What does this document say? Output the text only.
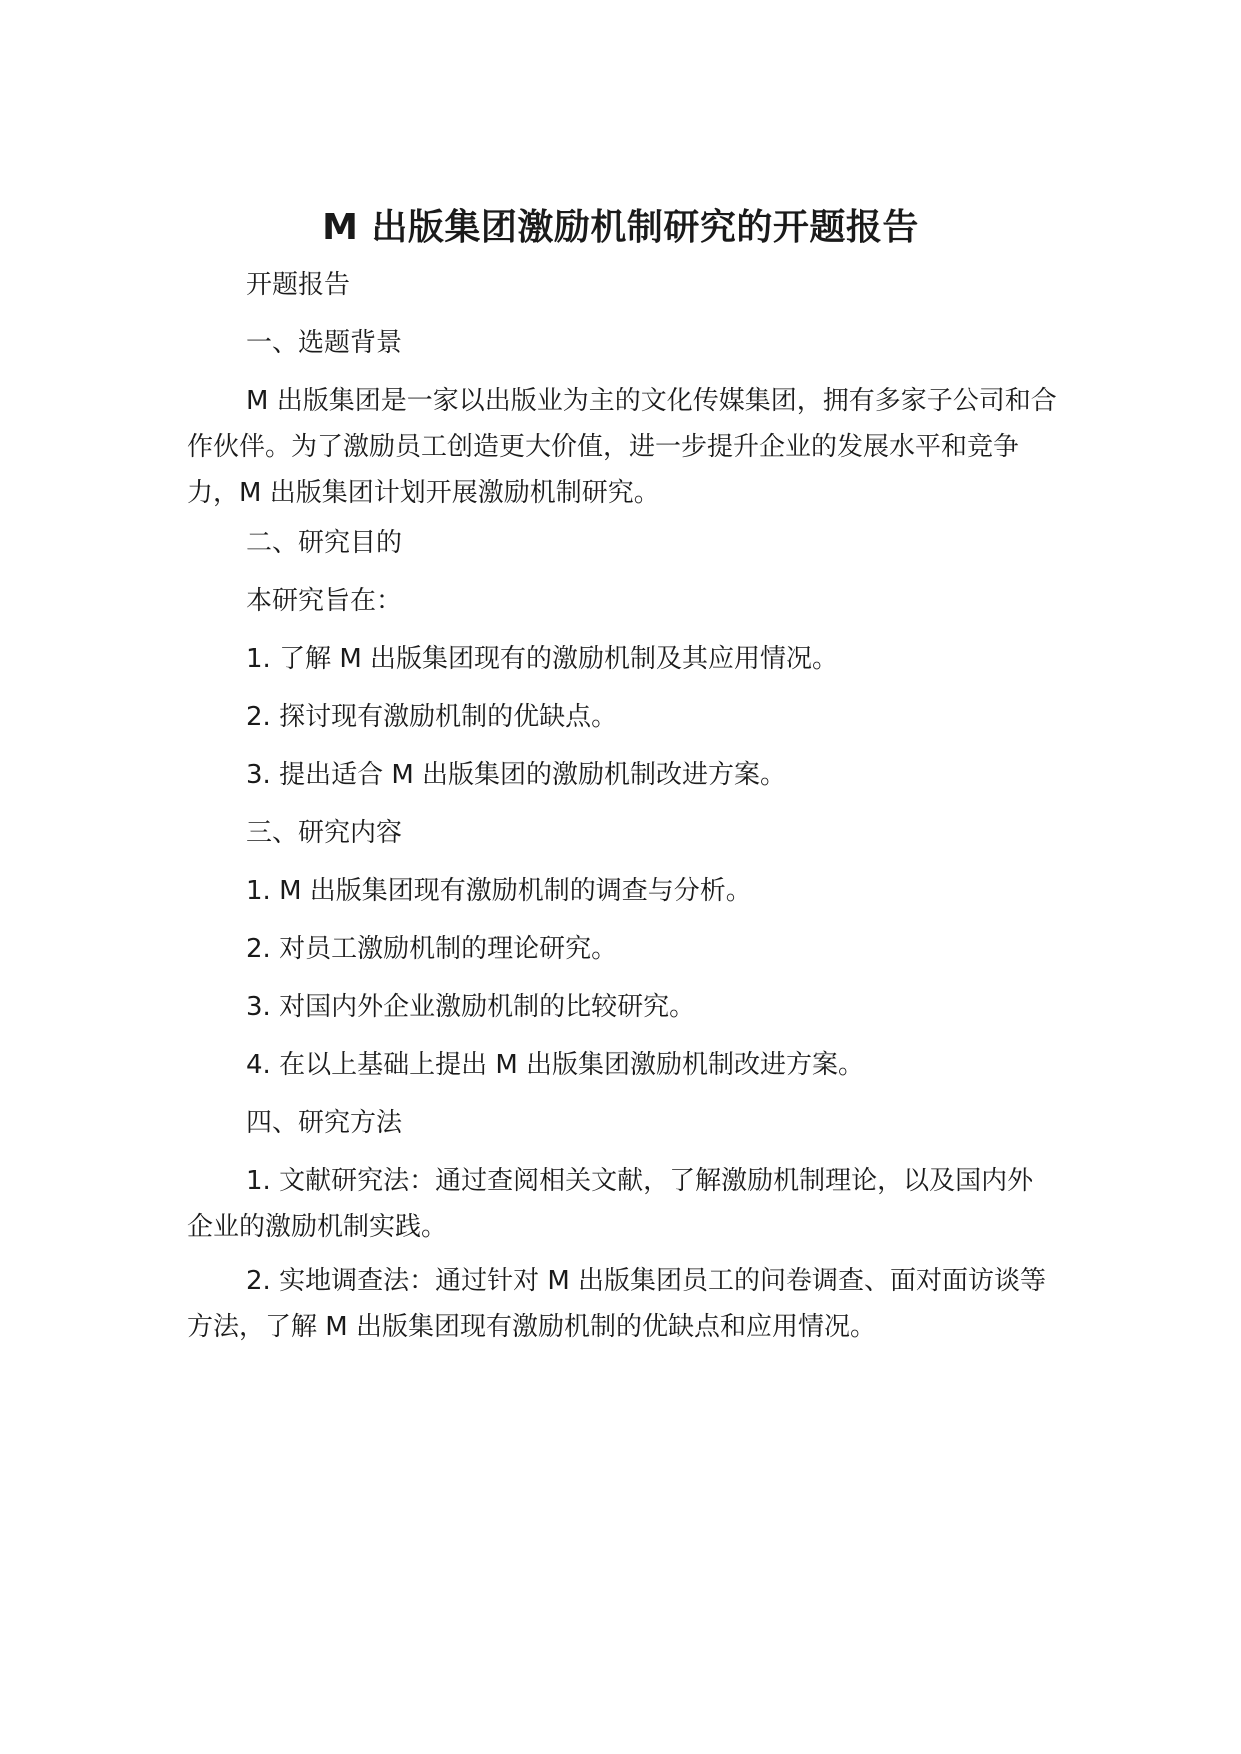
M 出版集团激励机制研究的开题报告

开题报告

一、选题背景

M 出版集团是一家以出版业为主的文化传媒集团，拥有多家子公司和合作伙伴。为了激励员工创造更大价值，进一步提升企业的发展水平和竞争力，M 出版集团计划开展激励机制研究。

二、研究目的

本研究旨在：

1. 了解 M 出版集团现有的激励机制及其应用情况。

2. 探讨现有激励机制的优缺点。

3. 提出适合 M 出版集团的激励机制改进方案。

三、研究内容

1. M 出版集团现有激励机制的调查与分析。

2. 对员工激励机制的理论研究。

3. 对国内外企业激励机制的比较研究。

4. 在以上基础上提出 M 出版集团激励机制改进方案。

四、研究方法

1. 文献研究法：通过查阅相关文献，了解激励机制理论，以及国内外企业的激励机制实践。

2. 实地调查法：通过针对 M 出版集团员工的问卷调查、面对面访谈等方法，了解 M 出版集团现有激励机制的优缺点和应用情况。
